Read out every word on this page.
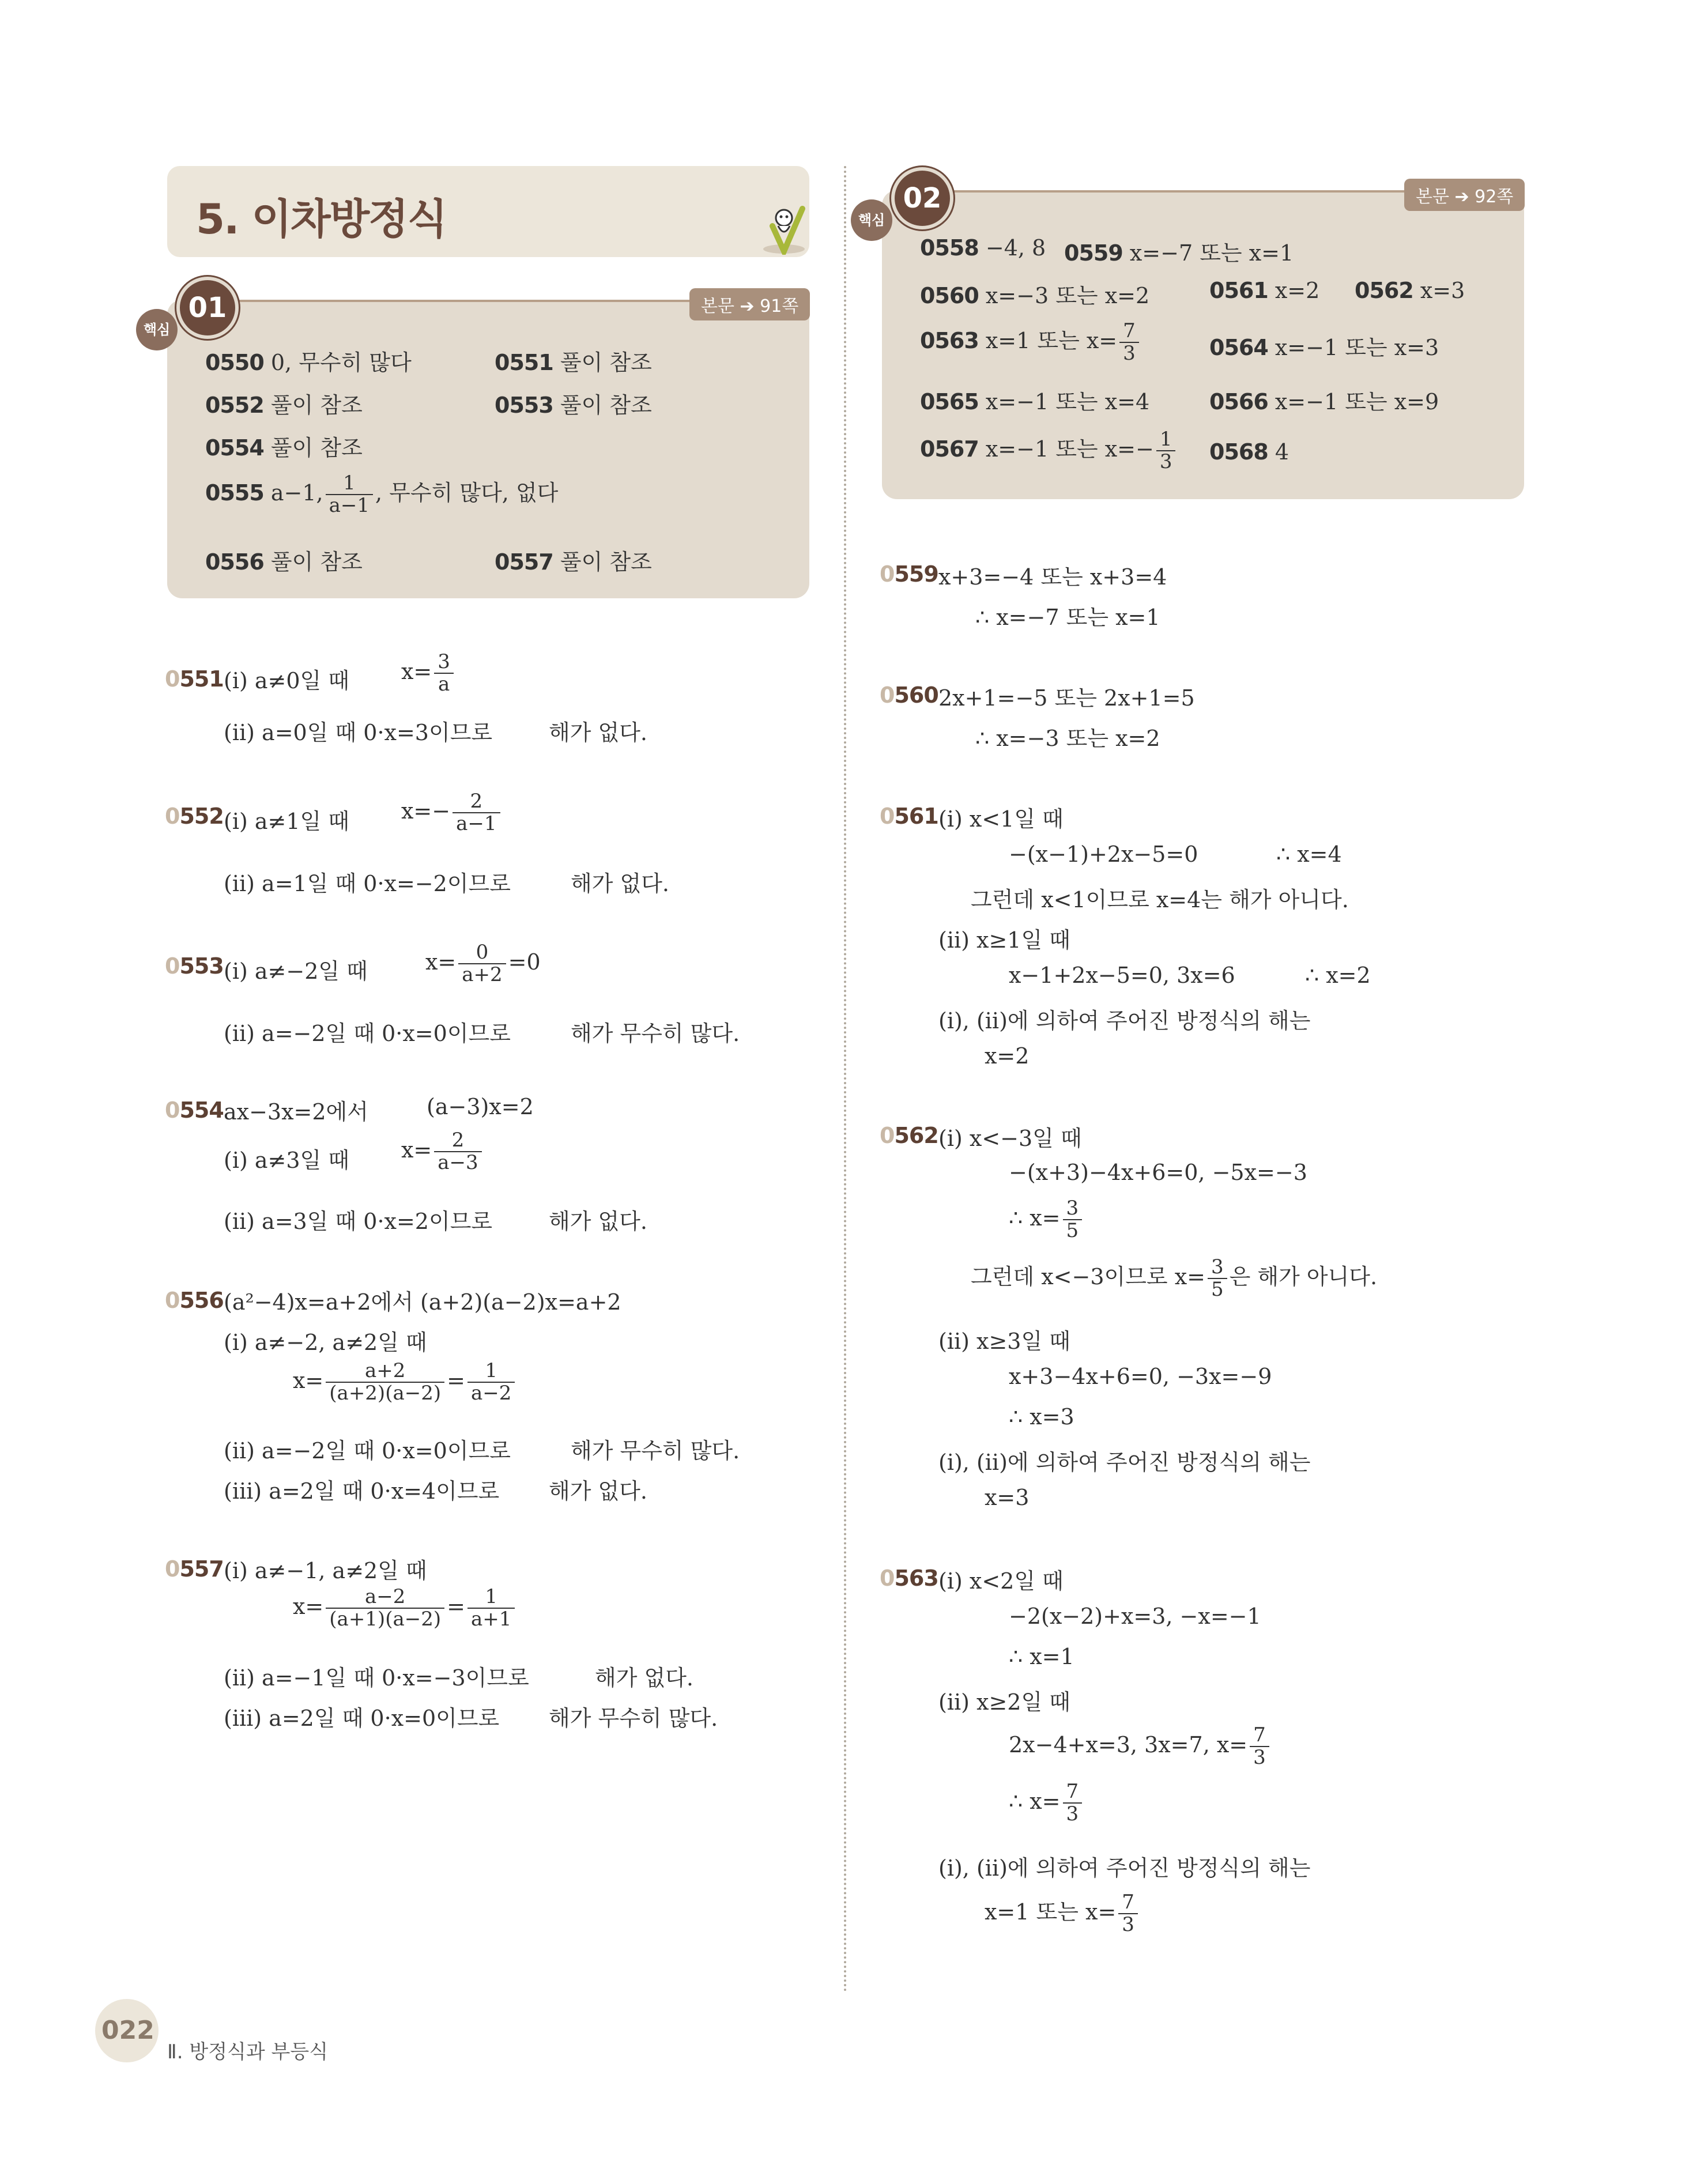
5. 이차방정식
핵심
01	본문 ➔ 91쪽
0550 0, 무수히 많다	0551 풀이 참조
0552 풀이 참조	0553 풀이 참조
0554 풀이 참조
0555 a−1, $\frac{1}{a-1}$ , 무수히 많다, 없다
0556 풀이 참조	0557 풀이 참조
핵심
02	본문 ➔ 92쪽
0558 −4, 8 0559 x=−7 또는 x=1
0560 x=−3 또는 x=2	0561 x=2 0562 x=3
0563 x=1 또는 $x= \frac{7}{3}$	0564 x=−1 또는 x=3
0565 x=−1 또는 x=4	0566 x=−1 또는 x=9
0567 x=−1 또는 $x=- \frac{1}{3} 0568$ 4
0551 (ⅰ) a≠0일 때 $x= \frac{3}{a}$
(ⅱ) a=0일 때 0·x=3이므로	해가 없다.
0552 (ⅰ) a≠1일 때 $x=- \frac{2}{a-1}$
(ⅱ) a=1일 때 0·x=−2이므로	해가 없다.
0553 (ⅰ) a≠−2일 때	$x= \frac{0}{a+2} =0$
(ⅱ) a=−2일 때 0·x=0이므로	해가 무수히 많다.
0554 ax−3x=2에서	(a−3)x=2
(ⅰ) a≠3일 때 $x= \frac{2}{a-3}$
(ⅱ) a=3일 때 0·x=2이므로	해가 없다.
0556 (a²−4)x=a+2에서 (a+2)(a−2)x=a+2
(ⅰ) a≠−2, a≠2일 때
$x= \frac{a+2}{(a+2)(a-2)} = \frac{1}{a-2}$
(ⅱ) a=−2일 때 0·x=0이므로	해가 무수히 많다.
(ⅲ) a=2일 때 0·x=4이므로 해가 없다.
0557 (ⅰ) a≠−1, a≠2일 때
$x= \frac{a-2}{(a+1)(a-2)} = \frac{1}{a+1}$
(ⅱ) a=−1일 때 0·x=−3이므로	해가 없다.
(ⅲ) a=2일 때 0·x=0이므로 해가 무수히 많다.
0559 x+3=−4 또는 x+3=4
∴ x=−7 또는 x=1
0560 2x+1=−5 또는 2x+1=5
∴ x=−3 또는 x=2
0561 (ⅰ) x<1일 때
−(x−1)+2x−5=0	∴ x=4
그런데 x<1이므로 x=4는 해가 아니다.
(ⅱ) x≥1일 때
x−1+2x−5=0, 3x=6	∴ x=2
(ⅰ), (ⅱ)에 의하여 주어진 방정식의 해는
x=2
0562 (ⅰ) x<−3일 때
−(x+3)−4x+6=0, −5x=−3
∴ $x= \frac{3}{5}$
그런데 x<−3이므로 $x= \frac{3}{5}$ 은 해가 아니다.
(ⅱ) x≥3일 때
x+3−4x+6=0, −3x=−9
∴ x=3
(ⅰ), (ⅱ)에 의하여 주어진 방정식의 해는
x=3
0563 (ⅰ) x<2일 때
−2(x−2)+x=3, −x=−1
∴ x=1
(ⅱ) x≥2일 때
2x−4+x=3, 3x=7, $x= \frac{7}{3}$
∴ $x= \frac{7}{3}$
(ⅰ), (ⅱ)에 의하여 주어진 방정식의 해는
x=1 또는 $x= \frac{7}{3}$
022
Ⅱ. 방정식과 부등식
